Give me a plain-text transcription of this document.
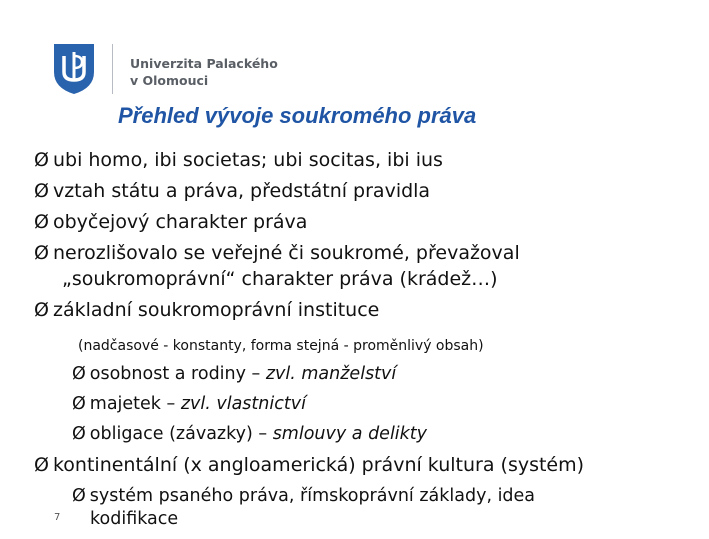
Univerzita Palackého
v Olomouci
Přehled vývoje soukromého práva
Ø ubi homo, ibi societas; ubi socitas, ibi ius
Ø vztah státu a práva, předstátní pravidla
Ø obyčejový charakter práva
Ø nerozlišovalo se veřejné či soukromé, převažoval
„soukromoprávní“ charakter práva (krádež…)
Ø základní soukromoprávní instituce
(nadčasové - konstanty, forma stejná - proměnlivý obsah)
Ø osobnost a rodiny – zvl. manželství
Ø majetek – zvl. vlastnictví
Ø obligace (závazky) – smlouvy a delikty
Ø kontinentální (x angloamerická) právní kultura (systém)
Ø systém psaného práva, římskoprávní základy, idea
kodifikace
7
